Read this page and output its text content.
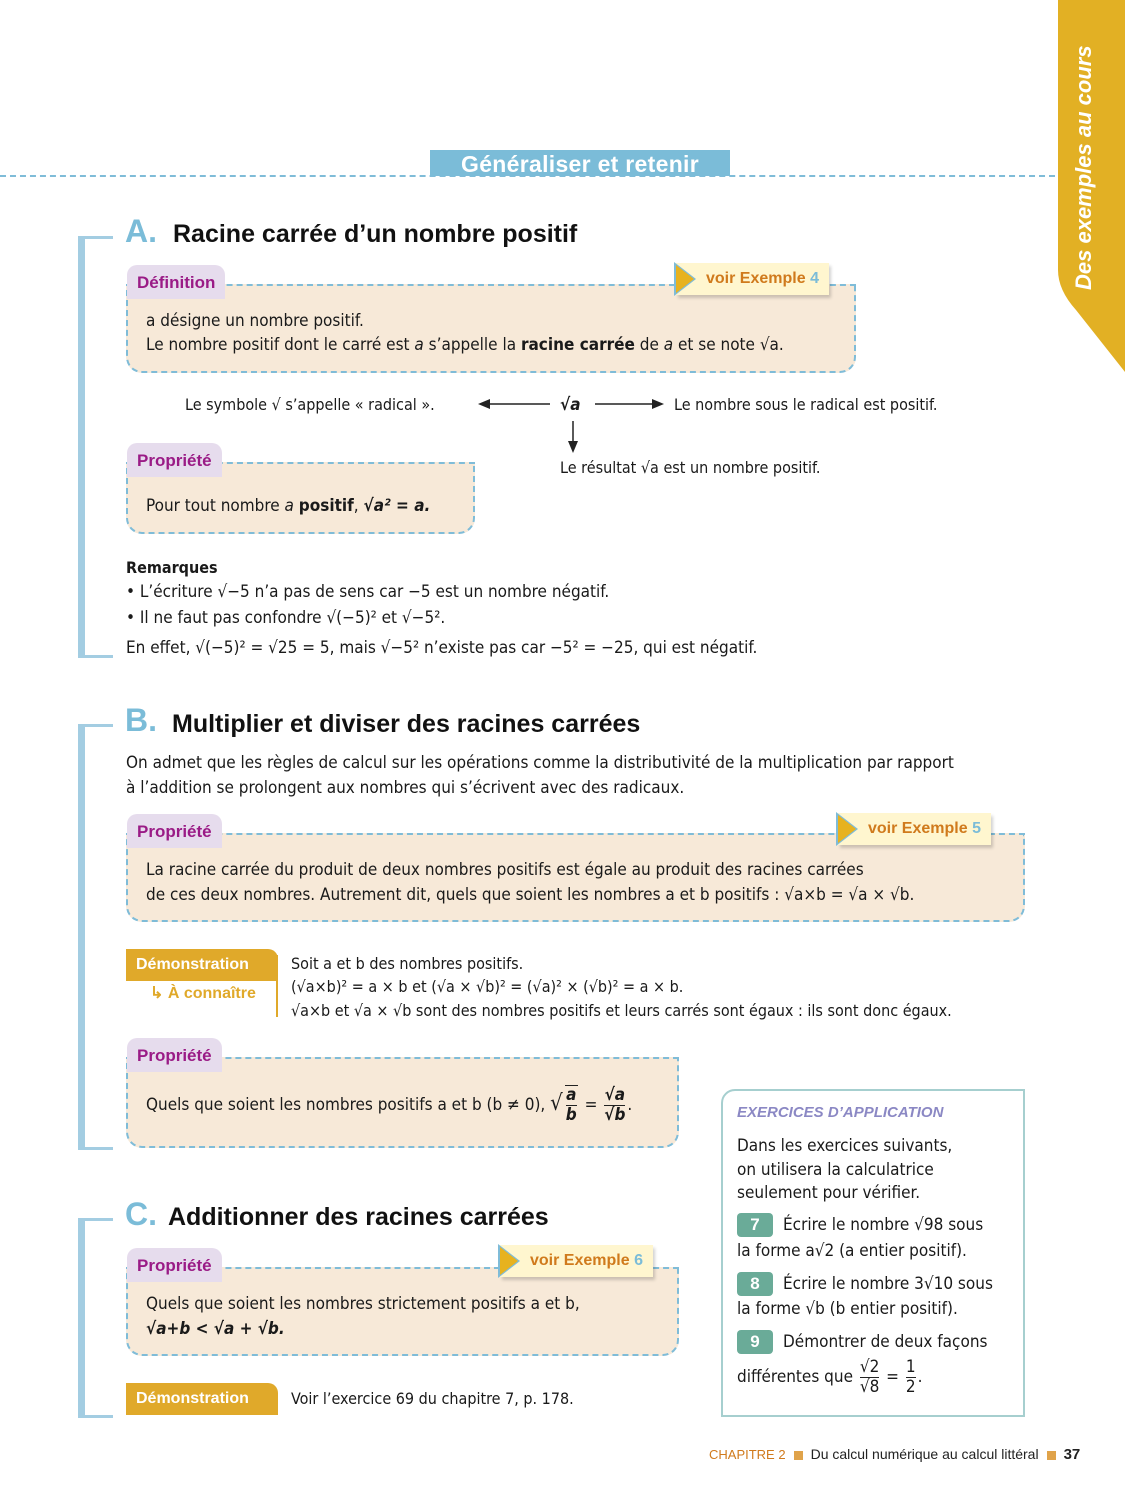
Généraliser et retenir	Des exemples au cours
A. Racine carrée d’un nombre positif
Définition	voir Exemple 4
a désigne un nombre positif.
Le nombre positif dont le carré est a s’appelle la racine carrée de a et se note √a.
Le symbole √ s’appelle « radical ».	√a	Le nombre sous le radical est positif.
Le résultat √a est un nombre positif.
Propriété
Pour tout nombre a positif, √a² = a.
Remarques
• L’écriture √−5 n’a pas de sens car −5 est un nombre négatif.
• Il ne faut pas confondre √(−5)² et √−5².
En effet, √(−5)² = √25 = 5, mais √−5² n’existe pas car −5² = −25, qui est négatif.
B. Multiplier et diviser des racines carrées
On admet que les règles de calcul sur les opérations comme la distributivité de la multiplication par rapport
à l’addition se prolongent aux nombres qui s’écrivent avec des radicaux.
Propriété	voir Exemple 5
La racine carrée du produit de deux nombres positifs est égale au produit des racines carrées
de ces deux nombres. Autrement dit, quels que soient les nombres a et b positifs : √a×b = √a × √b.
Démonstration
↳ À connaître
Soit a et b des nombres positifs.
(√a×b)² = a × b et (√a × √b)² = (√a)² × (√b)² = a × b.
√a×b et √a × √b sont des nombres positifs et leurs carrés sont égaux : ils sont donc égaux.
Propriété
Quels que soient les nombres positifs a et b (b ≠ 0), √ $\frac{a}{b} = \frac{√a}{√b}$ .
C. Additionner des racines carrées
Propriété	voir Exemple 6
Quels que soient les nombres strictement positifs a et b,
√a+b < √a + √b.
Démonstration	Voir l’exercice 69 du chapitre 7, p. 178.
EXERCICES D’APPLICATION
Dans les exercices suivants,
on utilisera la calculatrice
seulement pour vérifier.
7 Écrire le nombre √98 sous
la forme a√2 (a entier positif).
8 Écrire le nombre 3√10 sous
la forme √b (b entier positif).
9 Démontrer de deux façons
différentes que $\frac{√2}{√8} = \frac{1}{2}$ .
CHAPITRE 2 Du calcul numérique au calcul littéral 37
